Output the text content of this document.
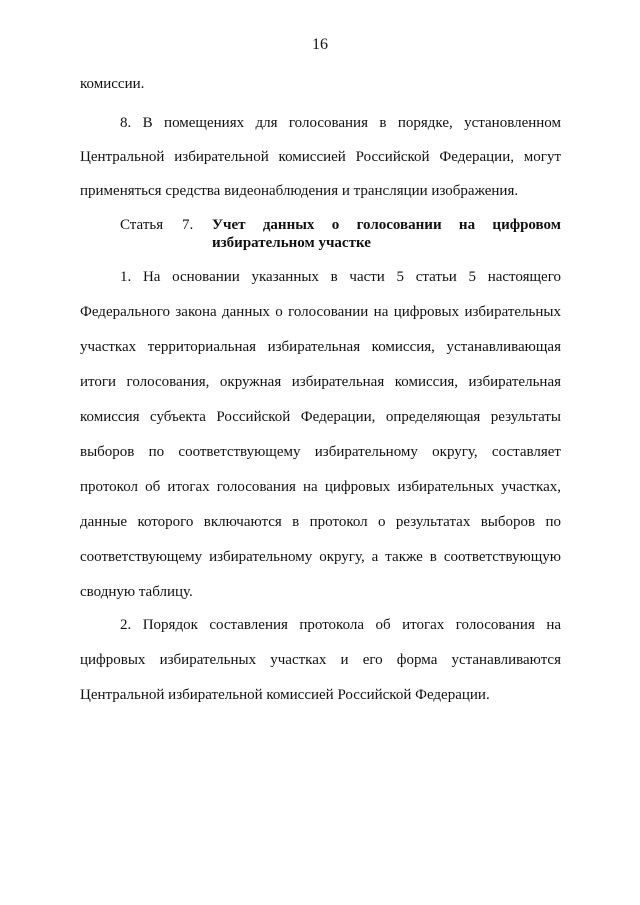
16
комиссии.
8. В помещениях для голосования в порядке, установленном
Центральной избирательной комиссией Российской Федерации, могут
применяться средства видеонаблюдения и трансляции изображения.
Статья 7. Учет данных о голосовании на цифровом
избирательном участке
1. На основании указанных в части 5 статьи 5 настоящего
Федерального закона данных о голосовании на цифровых избирательных
участках территориальная избирательная комиссия, устанавливающая
итоги голосования, окружная избирательная комиссия, избирательная
комиссия субъекта Российской Федерации, определяющая результаты
выборов по соответствующему избирательному округу, составляет
протокол об итогах голосования на цифровых избирательных участках,
данные которого включаются в протокол о результатах выборов по
соответствующему избирательному округу, а также в соответствующую
сводную таблицу.
2. Порядок составления протокола об итогах голосования на
цифровых избирательных участках и его форма устанавливаются
Центральной избирательной комиссией Российской Федерации.
